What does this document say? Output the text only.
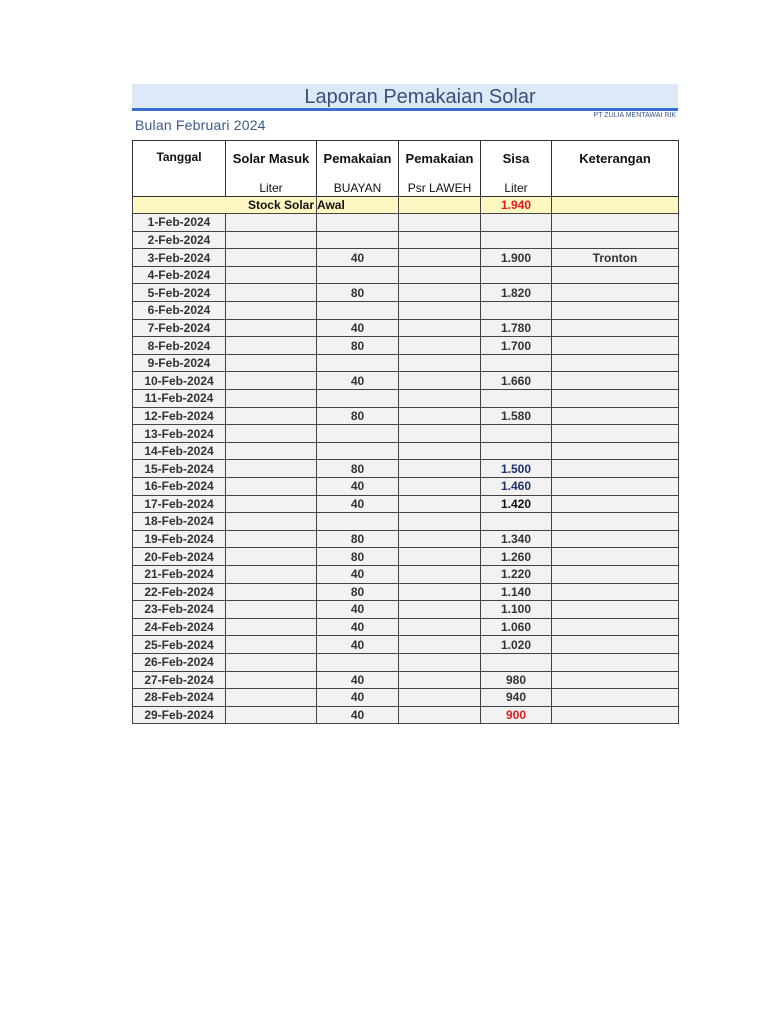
Laporan Pemakaian Solar
Bulan Februari 2024
PT ZULIA MENTAWAI RIK
Tanggal	Solar Masuk	Pemakaian	Pemakaian	Sisa	Keterangan
	Liter	BUAYAN	Psr LAWEH	Liter	
Stock Solar		Awal		1.940	
1-Feb-2024					
2-Feb-2024					
3-Feb-2024		40		1.900	Tronton
4-Feb-2024					
5-Feb-2024		80		1.820	
6-Feb-2024					
7-Feb-2024		40		1.780	
8-Feb-2024		80		1.700	
9-Feb-2024					
10-Feb-2024		40		1.660	
11-Feb-2024					
12-Feb-2024		80		1.580	
13-Feb-2024					
14-Feb-2024					
15-Feb-2024		80		1.500	
16-Feb-2024		40		1.460	
17-Feb-2024		40		1.420	
18-Feb-2024					
19-Feb-2024		80		1.340	
20-Feb-2024		80		1.260	
21-Feb-2024		40		1.220	
22-Feb-2024		80		1.140	
23-Feb-2024		40		1.100	
24-Feb-2024		40		1.060	
25-Feb-2024		40		1.020	
26-Feb-2024					
27-Feb-2024		40		980	
28-Feb-2024		40		940	
29-Feb-2024		40		900	
